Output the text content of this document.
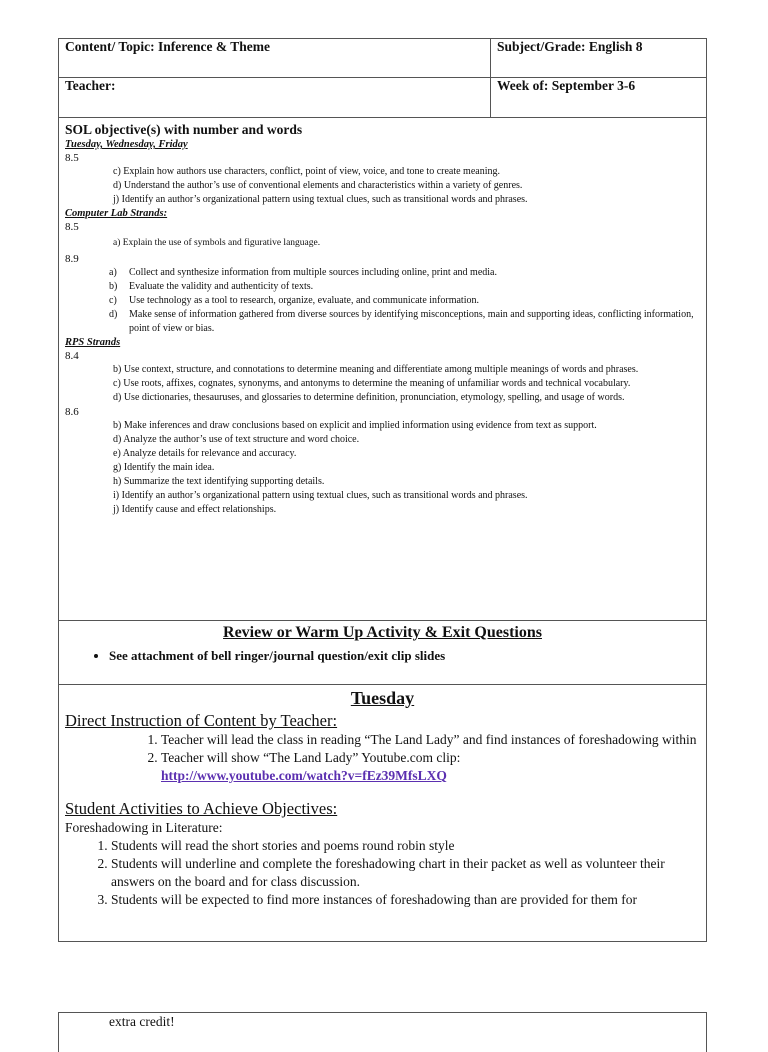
Content/ Topic: Inference & Theme	Subject/Grade: English 8
Teacher:	Week of: September 3-6
SOL objective(s) with number and words
Tuesday, Wednesday, Friday
8.5
c) Explain how authors use characters, conflict, point of view, voice, and tone to create meaning.
d) Understand the author’s use of conventional elements and characteristics within a variety of genres.
j) Identify an author’s organizational pattern using textual clues, such as transitional words and phrases.
Computer Lab Strands:
8.5
a) Explain the use of symbols and figurative language.
8.9
a) Collect and synthesize information from multiple sources including online, print and media.
b) Evaluate the validity and authenticity of texts.
c) Use technology as a tool to research, organize, evaluate, and communicate information.
d) Make sense of information gathered from diverse sources by identifying misconceptions, main and supporting ideas, conflicting information, point of view or bias.
RPS Strands
8.4
b) Use context, structure, and connotations to determine meaning and differentiate among multiple meanings of words and phrases.
c) Use roots, affixes, cognates, synonyms, and antonyms to determine the meaning of unfamiliar words and technical vocabulary.
d) Use dictionaries, thesauruses, and glossaries to determine definition, pronunciation, etymology, spelling, and usage of words.
8.6
b) Make inferences and draw conclusions based on explicit and implied information using evidence from text as support.
d) Analyze the author’s use of text structure and word choice.
e) Analyze details for relevance and accuracy.
g) Identify the main idea.
h) Summarize the text identifying supporting details.
i) Identify an author’s organizational pattern using textual clues, such as transitional words and phrases.
j) Identify cause and effect relationships.
Review or Warm Up Activity & Exit Questions
• See attachment of bell ringer/journal question/exit clip slides
Tuesday
Direct Instruction of Content by Teacher:
1. Teacher will lead the class in reading “The Land Lady” and find instances of foreshadowing within
2. Teacher will show “The Land Lady” Youtube.com clip:
http://www.youtube.com/watch?v=fEz39MfsLXQ
Student Activities to Achieve Objectives:
Foreshadowing in Literature:
1. Students will read the short stories and poems round robin style
2. Students will underline and complete the foreshadowing chart in their packet as well as volunteer their answers on the board and for class discussion.
3. Students will be expected to find more instances of foreshadowing than are provided for them for
extra credit!
